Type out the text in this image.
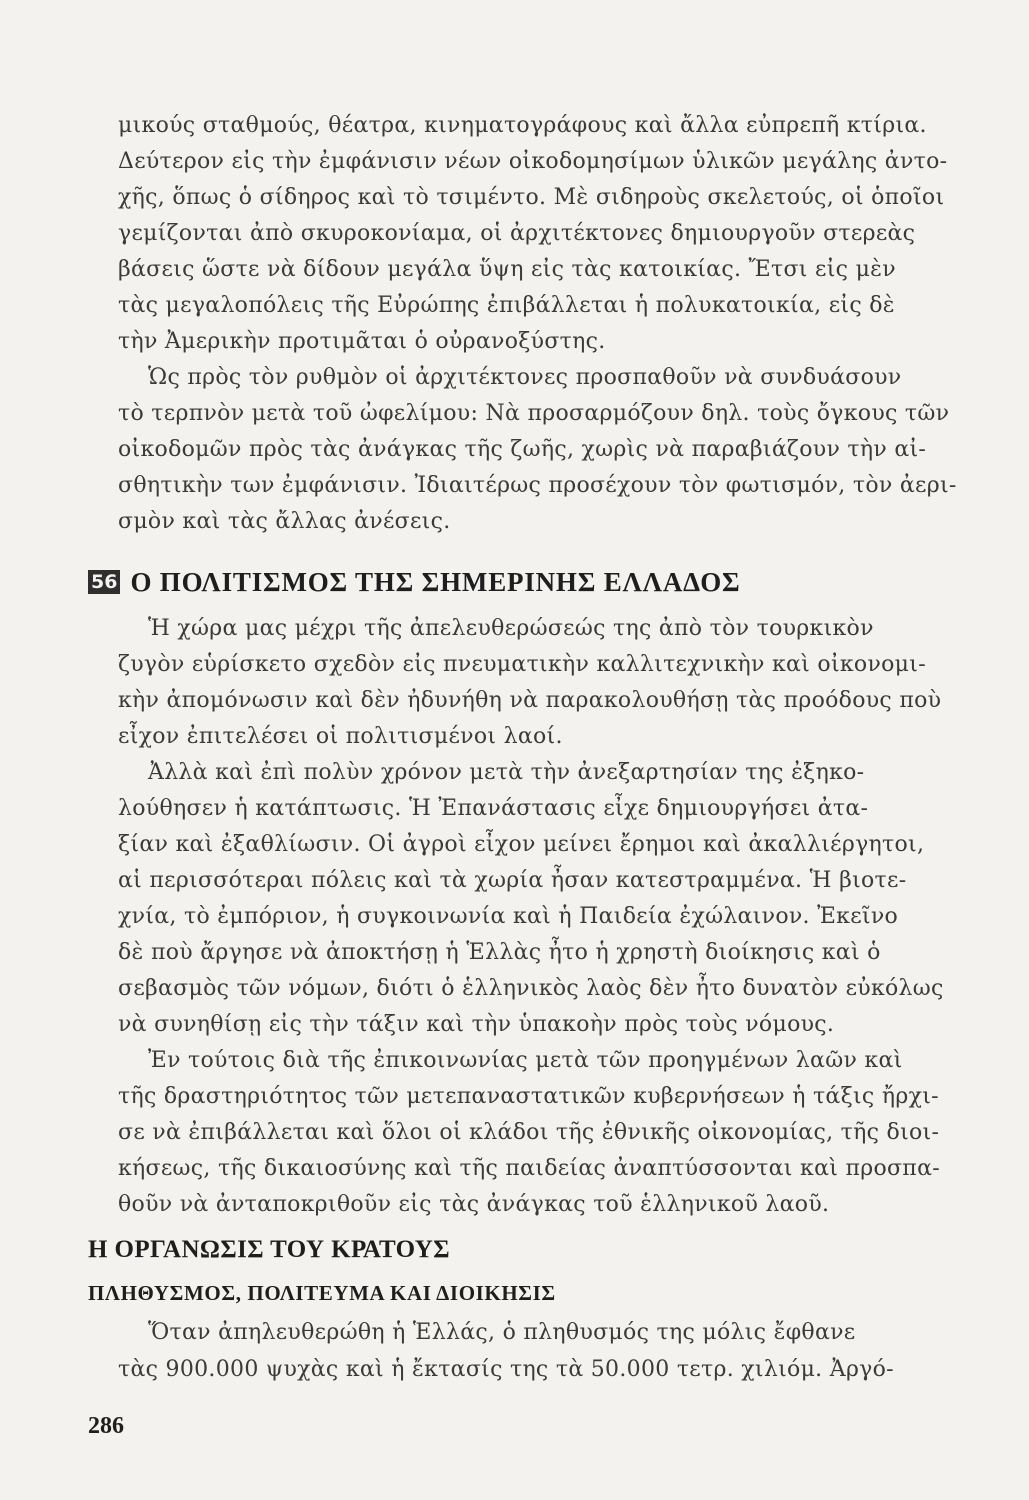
μικούς σταθμούς, θέατρα, κινηματογράφους καὶ ἄλλα εὐπρεπῆ κτίρια.
Δεύτερον εἰς τὴν ἐμφάνισιν νέων οἰκοδομησίμων ὑλικῶν μεγάλης ἀντο-
χῆς, ὅπως ὁ σίδηρος καὶ τὸ τσιμέντο. Μὲ σιδηροὺς σκελετούς, οἱ ὁποῖοι
γεμίζονται ἀπὸ σκυροκονίαμα, οἱ ἀρχιτέκτονες δημιουργοῦν στερεὰς
βάσεις ὥστε νὰ δίδουν μεγάλα ὕψη εἰς τὰς κατοικίας. Ἔτσι εἰς μὲν
τὰς μεγαλοπόλεις τῆς Εὐρώπης ἐπιβάλλεται ἡ πολυκατοικία, εἰς δὲ
τὴν Ἀμερικὴν προτιμᾶται ὁ οὐρανοξύστης.
Ὡς πρὸς τὸν ρυθμὸν οἱ ἀρχιτέκτονες προσπαθοῦν νὰ συνδυάσουν
τὸ τερπνὸν μετὰ τοῦ ὠφελίμου: Νὰ προσαρμόζουν δηλ. τοὺς ὄγκους τῶν
οἰκοδομῶν πρὸς τὰς ἀνάγκας τῆς ζωῆς, χωρὶς νὰ παραβιάζουν τὴν αἰ-
σθητικὴν των ἐμφάνισιν. Ἰδιαιτέρως προσέχουν τὸν φωτισμόν, τὸν ἀερι-
σμὸν καὶ τὰς ἄλλας ἀνέσεις.
56 Ο ΠΟΛΙΤΙΣΜΟΣ ΤΗΣ ΣΗΜΕΡΙΝΗΣ ΕΛΛΑΔΟΣ
Ἡ χώρα μας μέχρι τῆς ἀπελευθερώσεώς της ἀπὸ τὸν τουρκικὸν
ζυγὸν εὑρίσκετο σχεδὸν εἰς πνευματικὴν καλλιτεχνικὴν καὶ οἰκονομι-
κὴν ἀπομόνωσιν καὶ δὲν ἠδυνήθη νὰ παρακολουθήσῃ τὰς προόδους ποὺ
εἶχον ἐπιτελέσει οἱ πολιτισμένοι λαοί.
Ἀλλὰ καὶ ἐπὶ πολὺν χρόνον μετὰ τὴν ἀνεξαρτησίαν της ἐξηκο-
λούθησεν ἡ κατάπτωσις. Ἡ Ἐπανάστασις εἶχε δημιουργήσει ἀτα-
ξίαν καὶ ἐξαθλίωσιν. Οἱ ἀγροὶ εἶχον μείνει ἔρημοι καὶ ἀκαλλιέργητοι,
αἱ περισσότεραι πόλεις καὶ τὰ χωρία ἦσαν κατεστραμμένα. Ἡ βιοτε-
χνία, τὸ ἐμπόριον, ἡ συγκοινωνία καὶ ἡ Παιδεία ἐχώλαινον. Ἐκεῖνο
δὲ ποὺ ἄργησε νὰ ἀποκτήσῃ ἡ Ἑλλὰς ἦτο ἡ χρηστὴ διοίκησις καὶ ὁ
σεβασμὸς τῶν νόμων, διότι ὁ ἑλληνικὸς λαὸς δὲν ἦτο δυνατὸν εὐκόλως
νὰ συνηθίσῃ εἰς τὴν τάξιν καὶ τὴν ὑπακοὴν πρὸς τοὺς νόμους.
Ἐν τούτοις διὰ τῆς ἐπικοινωνίας μετὰ τῶν προηγμένων λαῶν καὶ
τῆς δραστηριότητος τῶν μετεπαναστατικῶν κυβερνήσεων ἡ τάξις ἤρχι-
σε νὰ ἐπιβάλλεται καὶ ὅλοι οἱ κλάδοι τῆς ἐθνικῆς οἰκονομίας, τῆς διοι-
κήσεως, τῆς δικαιοσύνης καὶ τῆς παιδείας ἀναπτύσσονται καὶ προσπα-
θοῦν νὰ ἀνταποκριθοῦν εἰς τὰς ἀνάγκας τοῦ ἑλληνικοῦ λαοῦ.
Η ΟΡΓΑΝΩΣΙΣ ΤΟΥ ΚΡΑΤΟΥΣ
ΠΛΗΘΥΣΜΟΣ, ΠΟΛΙΤΕΥΜΑ ΚΑΙ ΔΙΟΙΚΗΣΙΣ
Ὅταν ἀπηλευθερώθη ἡ Ἑλλάς, ὁ πληθυσμός της μόλις ἔφθανε
τὰς 900.000 ψυχὰς καὶ ἡ ἔκτασίς της τὰ 50.000 τετρ. χιλιόμ. Ἀργό-
286
